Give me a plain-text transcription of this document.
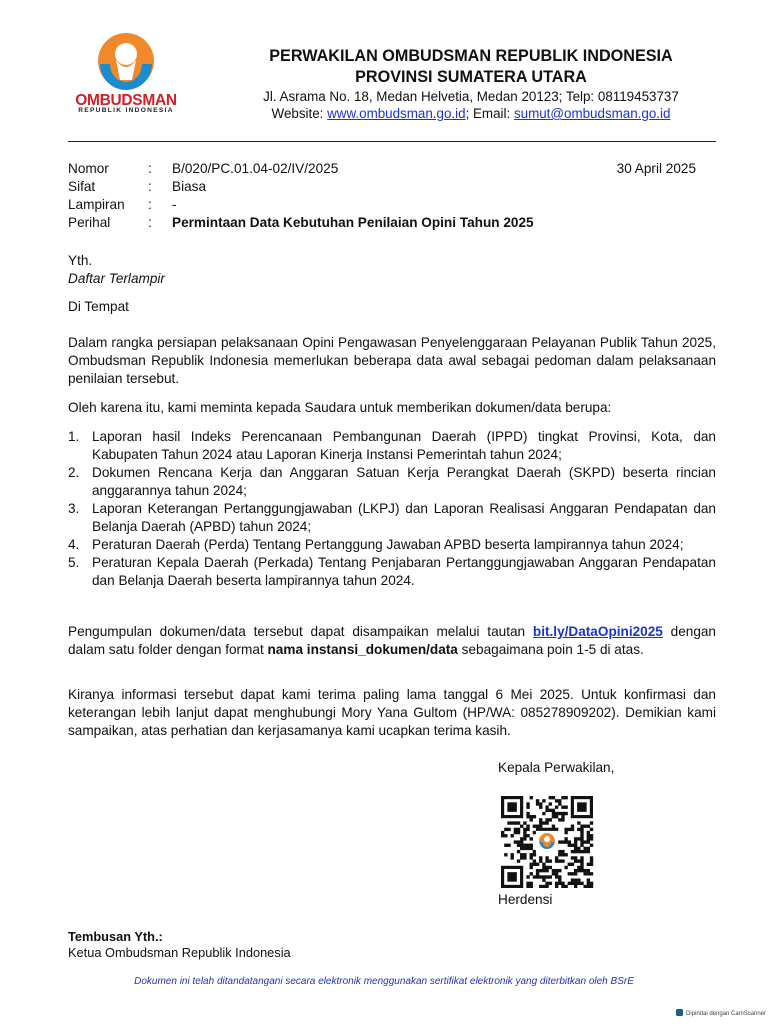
OMBUDSMAN
REPUBLIK INDONESIA
PERWAKILAN OMBUDSMAN REPUBLIK INDONESIA
PROVINSI SUMATERA UTARA
Jl. Asrama No. 18, Medan Helvetia, Medan 20123; Telp: 08119453737
Website: www.ombudsman.go.id; Email: sumut@ombudsman.go.id
Nomor	: B/020/PC.01.04-02/IV/2025
Sifat	: Biasa
Lampiran : -
Perihal	: Permintaan Data Kebutuhan Penilaian Opini Tahun 2025
30 April 2025
Yth.
Daftar Terlampir
Di Tempat
Dalam rangka persiapan pelaksanaan Opini Pengawasan Penyelenggaraan Pelayanan Publik Tahun 2025, Ombudsman Republik Indonesia memerlukan beberapa data awal sebagai pedoman dalam pelaksanaan penilaian tersebut.
Oleh karena itu, kami meminta kepada Saudara untuk memberikan dokumen/data berupa:
1. Laporan hasil Indeks Perencanaan Pembangunan Daerah (IPPD) tingkat Provinsi, Kota, dan Kabupaten Tahun 2024 atau Laporan Kinerja Instansi Pemerintah tahun 2024;
2. Dokumen Rencana Kerja dan Anggaran Satuan Kerja Perangkat Daerah (SKPD) beserta rincian anggarannya tahun 2024;
3. Laporan Keterangan Pertanggungjawaban (LKPJ) dan Laporan Realisasi Anggaran Pendapatan dan Belanja Daerah (APBD) tahun 2024;
4. Peraturan Daerah (Perda) Tentang Pertanggung Jawaban APBD beserta lampirannya tahun 2024;
5. Peraturan Kepala Daerah (Perkada) Tentang Penjabaran Pertanggungjawaban Anggaran Pendapatan dan Belanja Daerah beserta lampirannya tahun 2024.
Pengumpulan dokumen/data tersebut dapat disampaikan melalui tautan bit.ly/DataOpini2025 dengan dalam satu folder dengan format nama instansi_dokumen/data sebagaimana poin 1-5 di atas.
Kiranya informasi tersebut dapat kami terima paling lama tanggal 6 Mei 2025. Untuk konfirmasi dan keterangan lebih lanjut dapat menghubungi Mory Yana Gultom (HP/WA: 085278909202). Demikian kami sampaikan, atas perhatian dan kerjasamanya kami ucapkan terima kasih.
Kepala Perwakilan,
Herdensi
Tembusan Yth.:
Ketua Ombudsman Republik Indonesia
Dokumen ini telah ditandatangani secara elektronik menggunakan sertifikat elektronik yang diterbitkan oleh BSrE
Dipindai dengan CamScanner
